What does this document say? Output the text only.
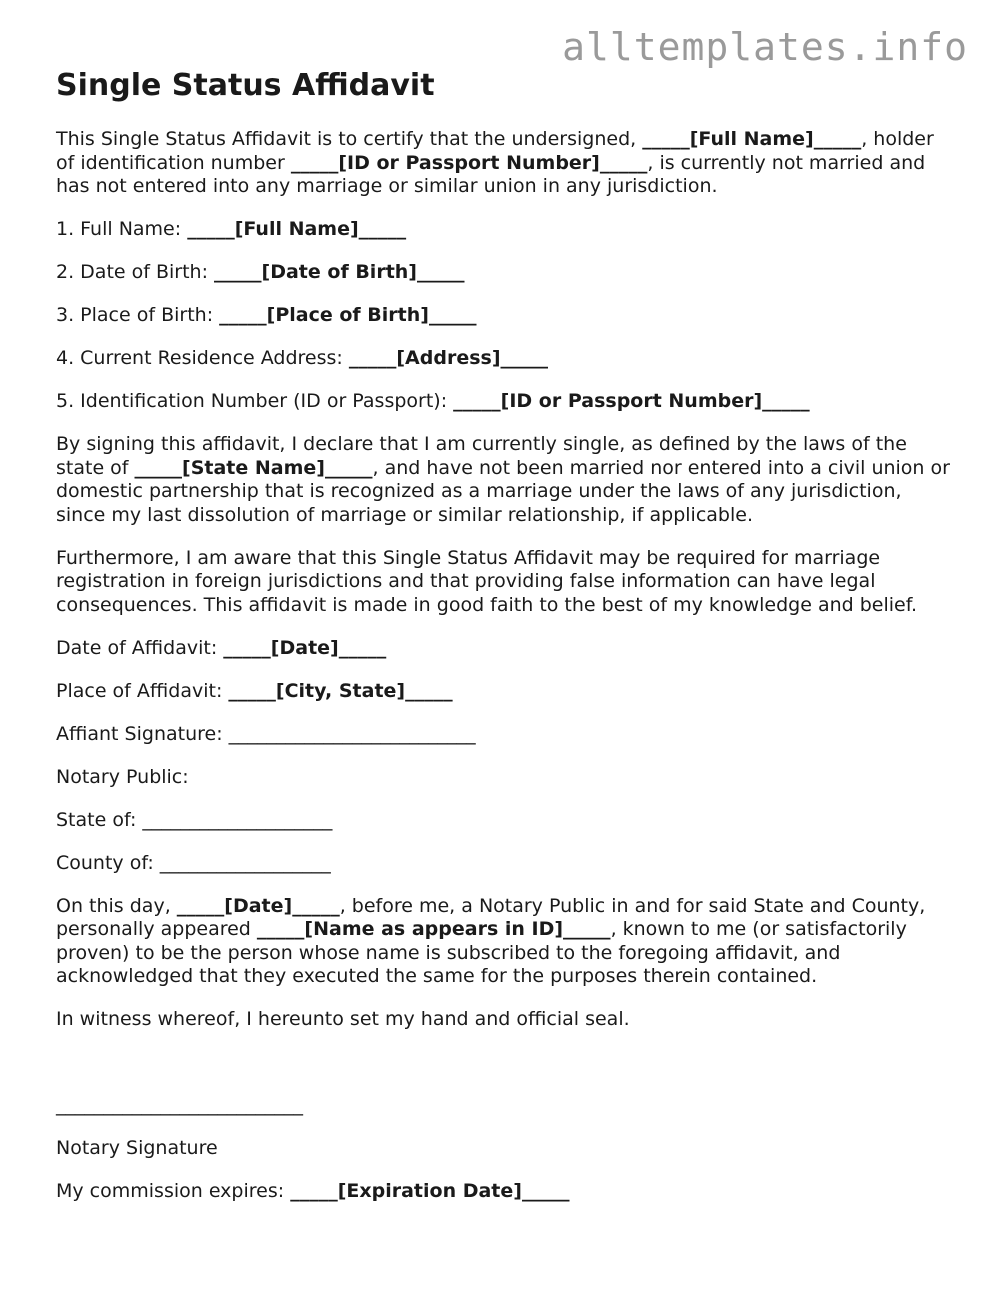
alltemplates.info
Single Status Affidavit

This Single Status Affidavit is to certify that the undersigned, _____[Full Name]_____, holder of identification number _____[ID or Passport Number]_____, is currently not married and has not entered into any marriage or similar union in any jurisdiction.

1. Full Name: _____[Full Name]_____

2. Date of Birth: _____[Date of Birth]_____

3. Place of Birth: _____[Place of Birth]_____

4. Current Residence Address: _____[Address]_____

5. Identification Number (ID or Passport): _____[ID or Passport Number]_____

By signing this affidavit, I declare that I am currently single, as defined by the laws of the state of _____[State Name]_____, and have not been married nor entered into a civil union or domestic partnership that is recognized as a marriage under the laws of any jurisdiction, since my last dissolution of marriage or similar relationship, if applicable.

Furthermore, I am aware that this Single Status Affidavit may be required for marriage registration in foreign jurisdictions and that providing false information can have legal consequences. This affidavit is made in good faith to the best of my knowledge and belief.

Date of Affidavit: _____[Date]_____

Place of Affidavit: _____[City, State]_____

Affiant Signature: __________________________

Notary Public:

State of: ____________________

County of: __________________

On this day, _____[Date]_____, before me, a Notary Public in and for said State and County, personally appeared _____[Name as appears in ID]_____, known to me (or satisfactorily proven) to be the person whose name is subscribed to the foregoing affidavit, and acknowledged that they executed the same for the purposes therein contained.

In witness whereof, I hereunto set my hand and official seal.

__________________________

Notary Signature

My commission expires: _____[Expiration Date]_____
